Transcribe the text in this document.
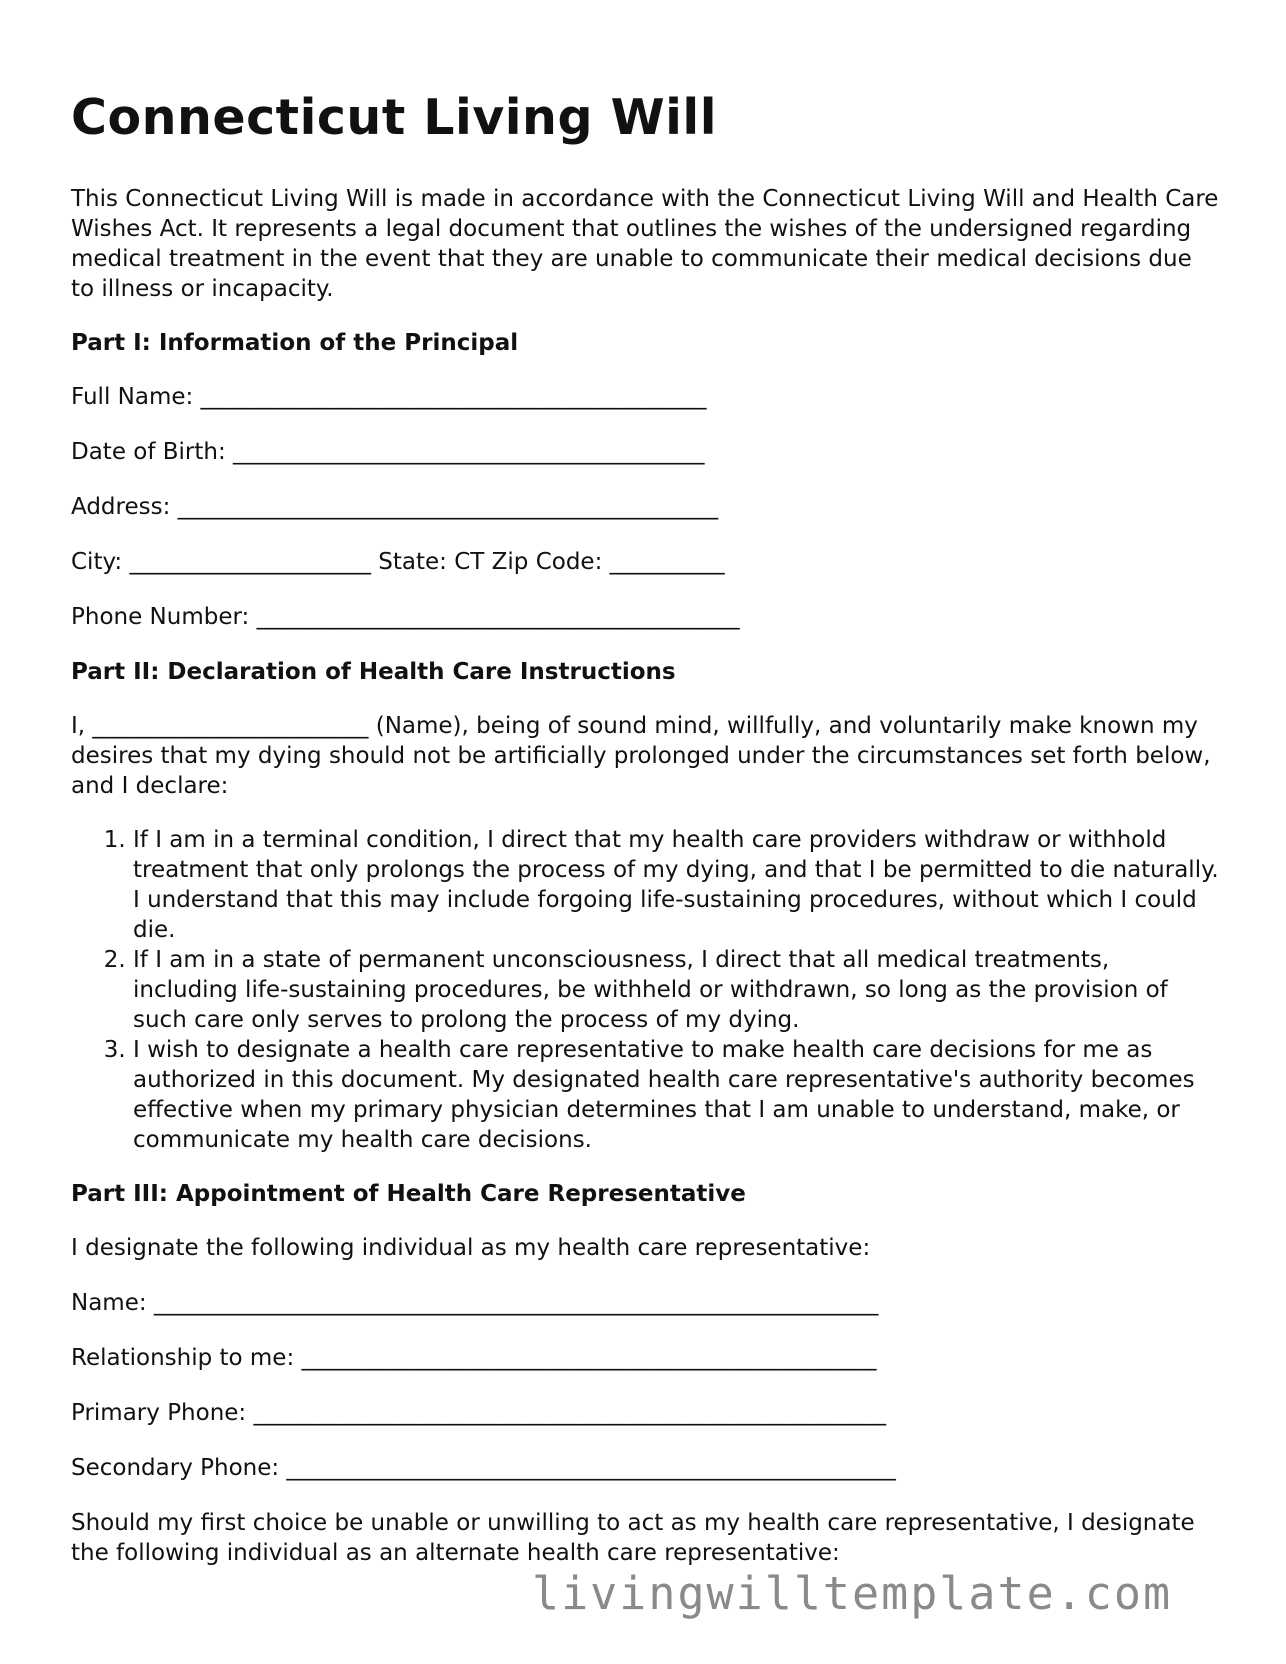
Connecticut Living Will

This Connecticut Living Will is made in accordance with the Connecticut Living Will and Health Care Wishes Act. It represents a legal document that outlines the wishes of the undersigned regarding medical treatment in the event that they are unable to communicate their medical decisions due to illness or incapacity.

Part I: Information of the Principal
Full Name: ____________________________________________
Date of Birth: _________________________________________
Address: _______________________________________________
City: _____________________ State: CT Zip Code: __________
Phone Number: __________________________________________
Part II: Declaration of Health Care Instructions

I, ________________________ (Name), being of sound mind, willfully, and voluntarily make known my desires that my dying should not be artificially prolonged under the circumstances set forth below, and I declare:

1. If I am in a terminal condition, I direct that my health care providers withdraw or withhold treatment that only prolongs the process of my dying, and that I be permitted to die naturally. I understand that this may include forgoing life-sustaining procedures, without which I could die.
2. If I am in a state of permanent unconsciousness, I direct that all medical treatments, including life-sustaining procedures, be withheld or withdrawn, so long as the provision of such care only serves to prolong the process of my dying.
3. I wish to designate a health care representative to make health care decisions for me as authorized in this document. My designated health care representative's authority becomes effective when my primary physician determines that I am unable to understand, make, or communicate my health care decisions.
Part III: Appointment of Health Care Representative

I designate the following individual as my health care representative:

Name: _______________________________________________________________
Relationship to me: __________________________________________________
Primary Phone: _______________________________________________________
Secondary Phone: _____________________________________________________

Should my first choice be unable or unwilling to act as my health care representative, I designate the following individual as an alternate health care representative:

livingwilltemplate.com
